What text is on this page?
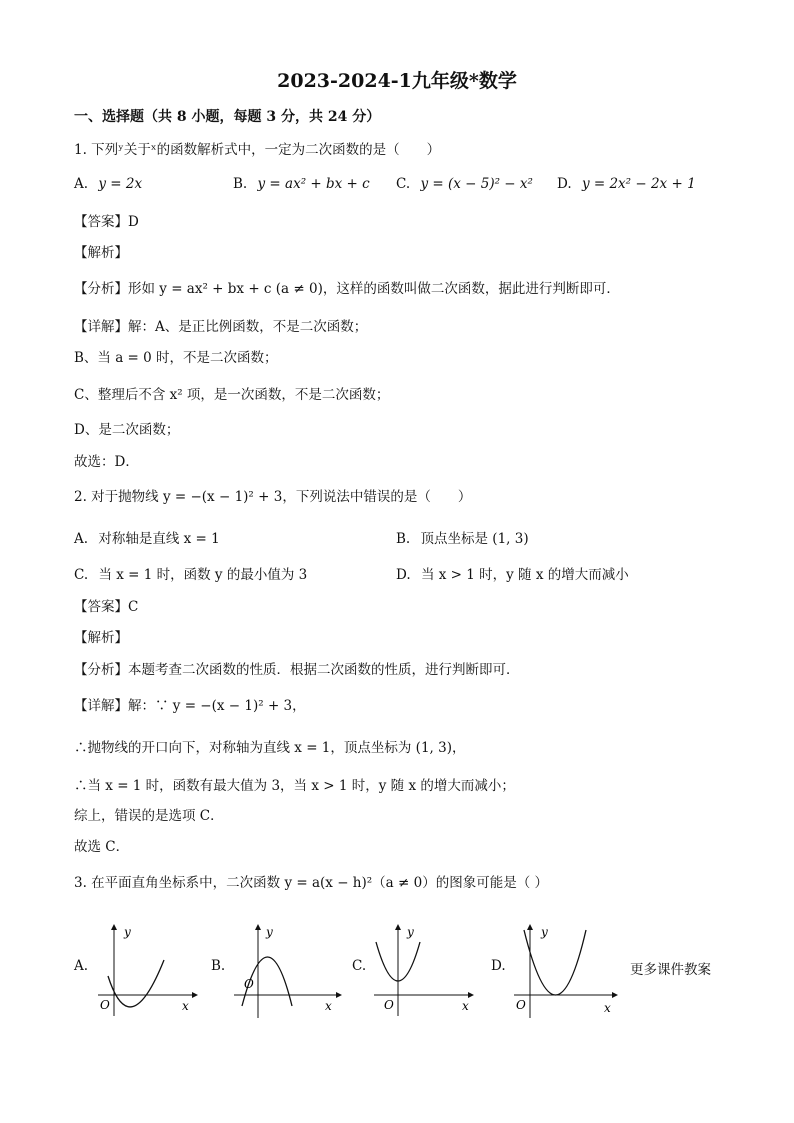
2023-2024-1九年级*数学
一、选择题（共 8 小题，每题 3 分，共 24 分）
1. 下列ʸ关于ˣ的函数解析式中，一定为二次函数的是（　　）
A. y = 2x	B. y = ax² + bx + c C. y = (x − 5)² − x² D. y = 2x² − 2x + 1
【答案】D
【解析】
【分析】形如 y = ax² + bx + c (a ≠ 0)，这样的函数叫做二次函数，据此进行判断即可．
【详解】解：A、是正比例函数，不是二次函数；
B、当 a = 0 时，不是二次函数；
C、整理后不含 x² 项，是一次函数，不是二次函数；
D、是二次函数；
故选：D．
2. 对于抛物线 y = −(x − 1)² + 3，下列说法中错误的是（　　）
A. 对称轴是直线 x = 1	B. 顶点坐标是 (1, 3)
C. 当 x = 1 时，函数 y 的最小值为 3	D. 当 x > 1 时，y 随 x 的增大而减小
【答案】C
【解析】
【分析】本题考查二次函数的性质．根据二次函数的性质，进行判断即可．
【详解】解：∵ y = −(x − 1)² + 3，
∴抛物线的开口向下，对称轴为直线 x = 1，顶点坐标为 (1, 3)，
∴当 x = 1 时，函数有最大值为 3，当 x > 1 时，y 随 x 的增大而减小；
综上，错误的是选项 C．
故选 C．
3. 在平面直角坐标系中，二次函数 y = a(x − h)²（a ≠ 0）的图象可能是（ ）
A.
y
x
O
B.
y
x
O
C.
y
x
O
D.
y
x
O
更多课件教案
